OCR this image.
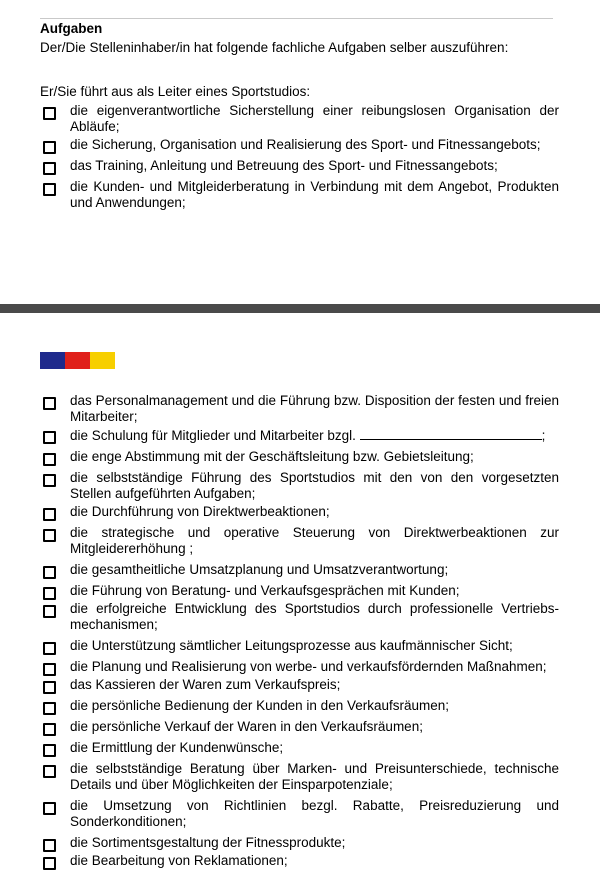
Aufgaben
Der/Die Stelleninhaber/in hat folgende fachliche Aufgaben selber auszuführen:
Er/Sie führt aus als Leiter eines Sportstudios:
die eigenverantwortliche Sicherstellung einer reibungslosen Organisation der Abläufe;
die Sicherung, Organisation und Realisierung des Sport- und Fitnessangebots;
das Training, Anleitung und Betreuung des Sport- und Fitnessangebots;
die Kunden- und Mitgleiderberatung in Verbindung mit dem Angebot, Produkten und Anwendungen;
das Personalmanagement und die Führung bzw. Disposition der festen und freien Mitarbeiter;
die Schulung für Mitglieder und Mitarbeiter bzgl.	;
die enge Abstimmung mit der Geschäftsleitung bzw. Gebietsleitung;
die selbstständige Führung des Sportstudios mit den von den vorgesetzten Stellen aufgeführten Aufgaben;
die Durchführung von Direktwerbeaktionen;
die strategische und operative Steuerung von Direktwerbeaktionen zur Mitgleidererhöhung ;
die gesamtheitliche Umsatzplanung und Umsatzverantwortung;
die Führung von Beratung- und Verkaufsgesprächen mit Kunden;
die erfolgreiche Entwicklung des Sportstudios durch professionelle Vertriebs- mechanismen;
die Unterstützung sämtlicher Leitungsprozesse aus kaufmännischer Sicht;
die Planung und Realisierung von werbe- und verkaufsfördernden Maßnahmen;
das Kassieren der Waren zum Verkaufspreis;
die persönliche Bedienung der Kunden in den Verkaufsräumen;
die persönliche Verkauf der Waren in den Verkaufsräumen;
die Ermittlung der Kundenwünsche;
die selbstständige Beratung über Marken- und Preisunterschiede, technische Details und über Möglichkeiten der Einsparpotenziale;
die Umsetzung von Richtlinien bezgl. Rabatte, Preisreduzierung und Sonderkonditionen;
die Sortimentsgestaltung der Fitnessprodukte;
die Bearbeitung von Reklamationen;
